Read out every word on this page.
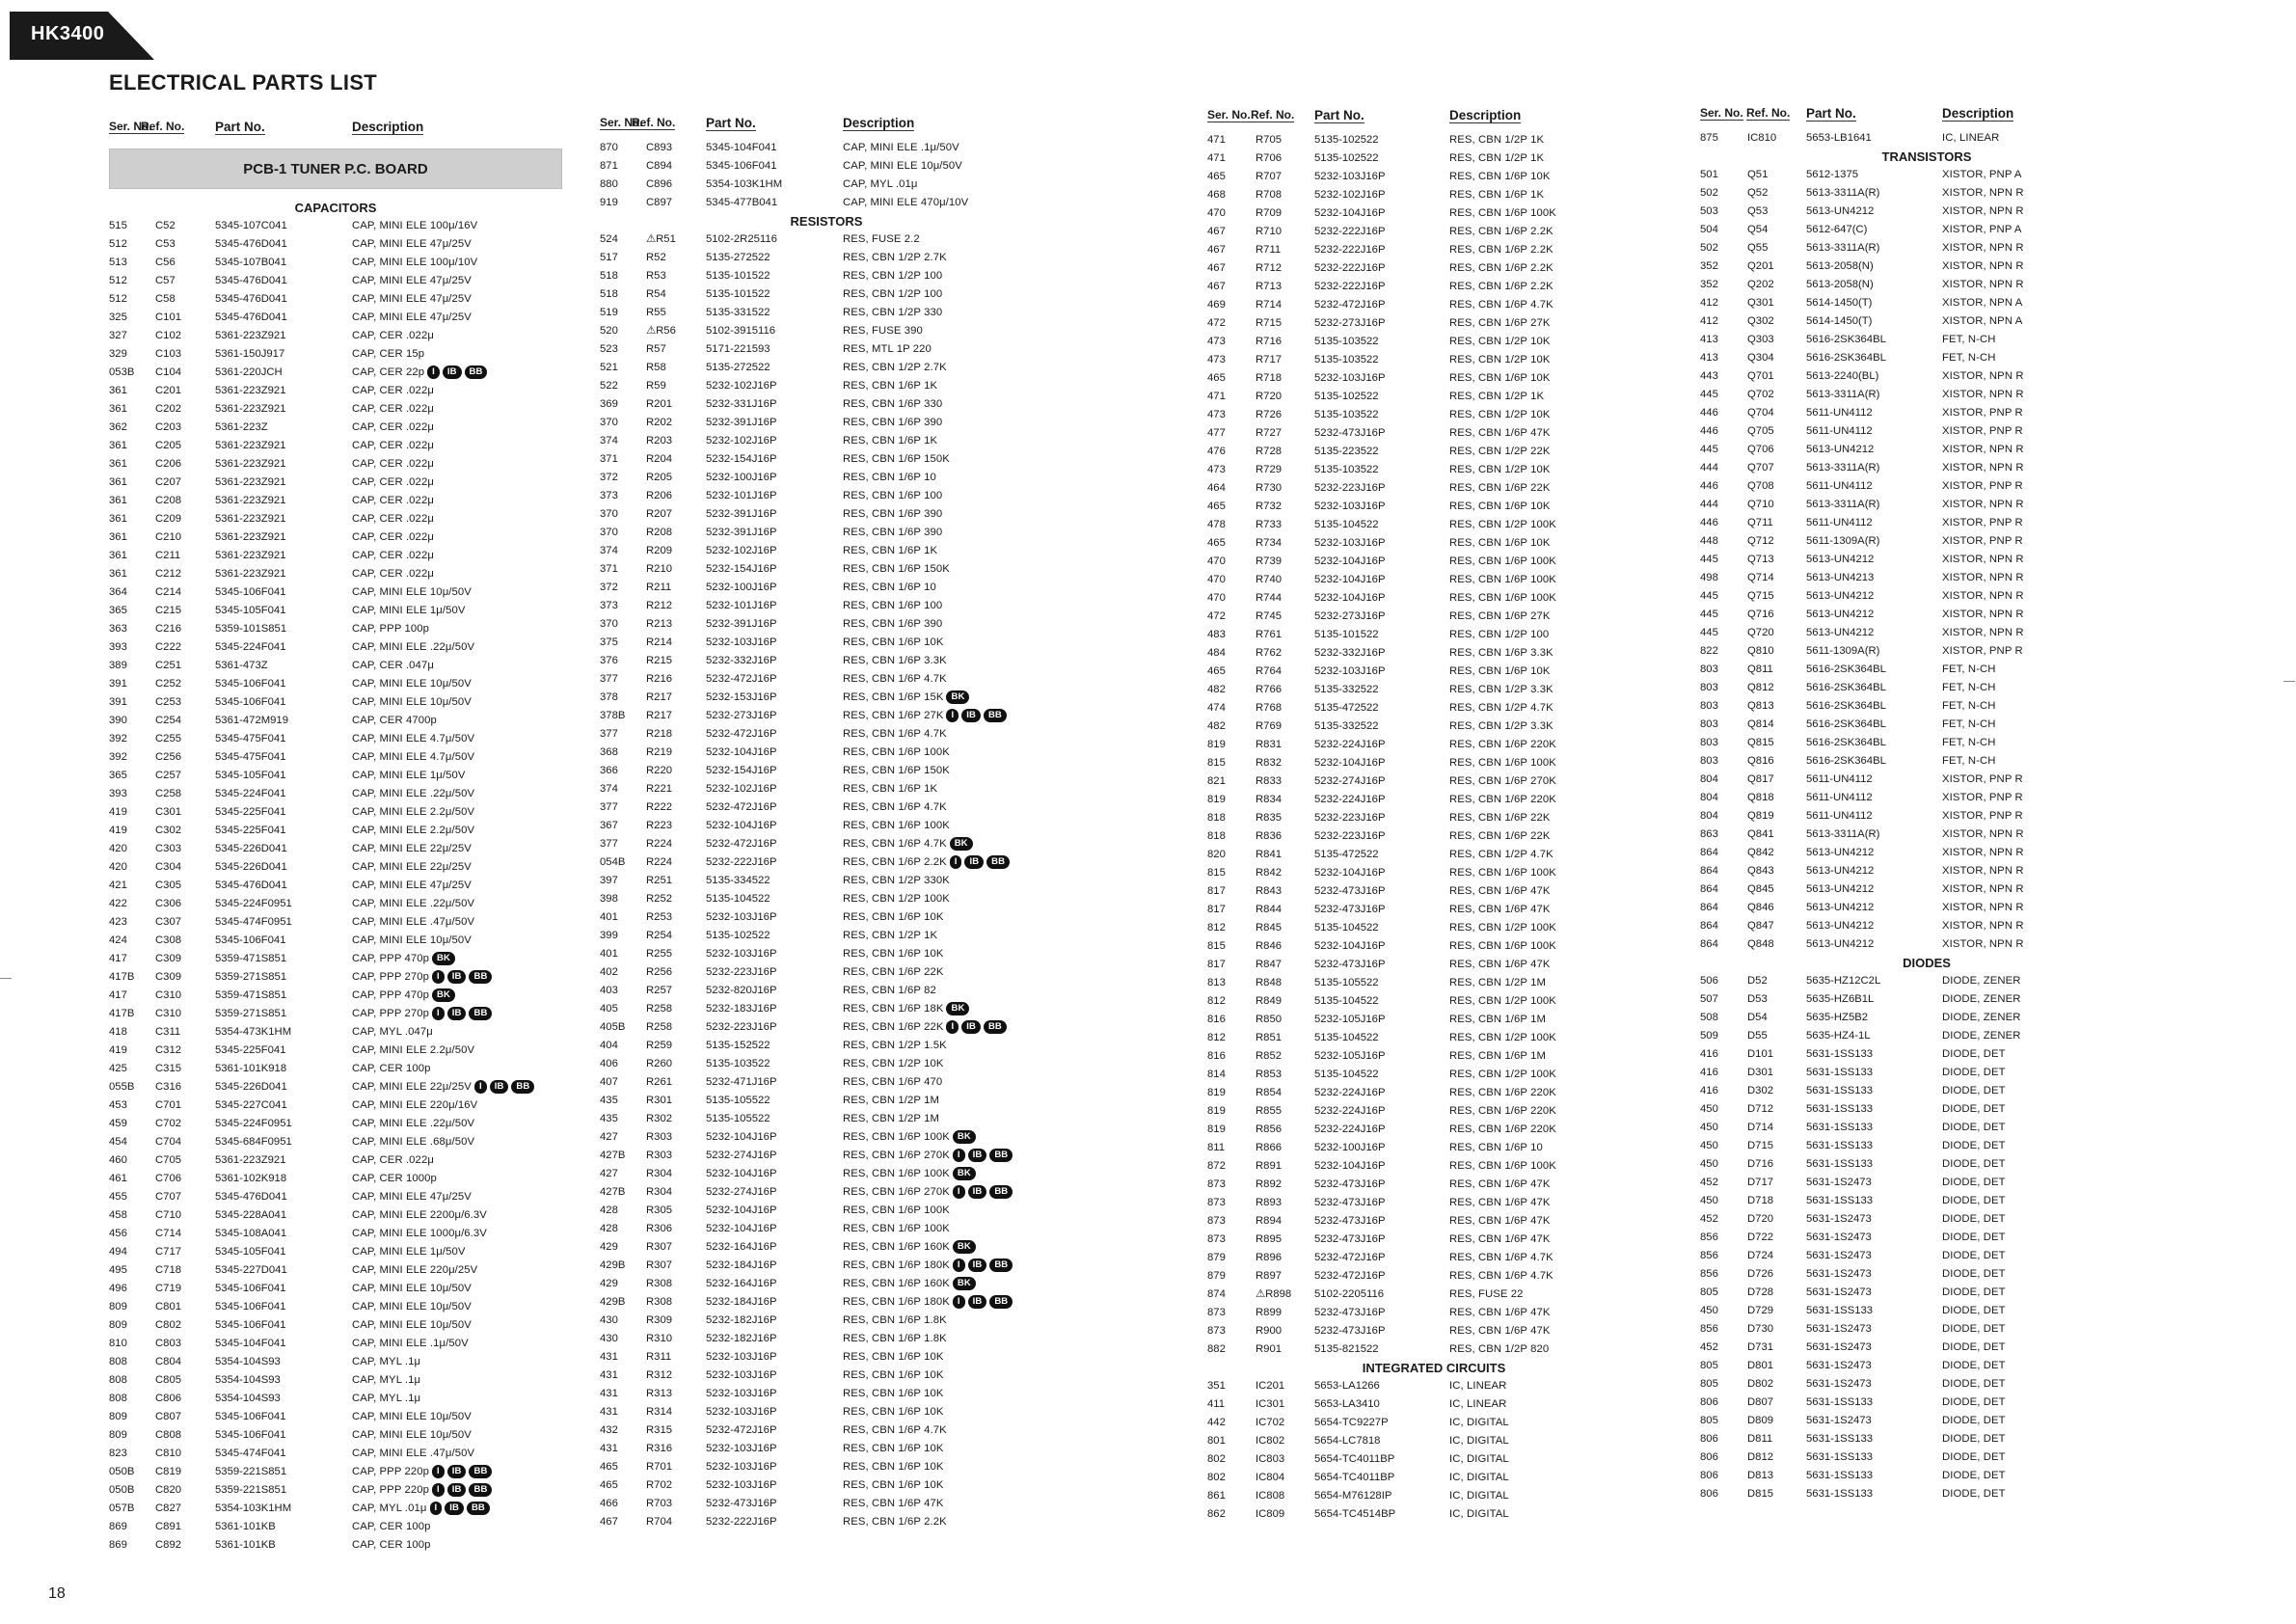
HK3400
ELECTRICAL PARTS LIST
18
Ser. No.
Ref. No. Part No.	Description
PCB-1 TUNER P.C. BOARD
CAPACITORS
515	C52	5345-107C041	CAP, MINI ELE 100μ/16V
512	C53	5345-476D041	CAP, MINI ELE 47μ/25V
513	C56	5345-107B041	CAP, MINI ELE 100μ/10V
512	C57	5345-476D041	CAP, MINI ELE 47μ/25V
512	C58	5345-476D041	CAP, MINI ELE 47μ/25V
325	C101	5345-476D041	CAP, MINI ELE 47μ/25V
327	C102	5361-223Z921	CAP, CER .022μ
329	C103	5361-150J917	CAP, CER 15p
053B C104	5361-220JCH	CAP, CER 22p I IB BB
361	C201	5361-223Z921	CAP, CER .022μ
361	C202	5361-223Z921	CAP, CER .022μ
362	C203	5361-223Z	CAP, CER .022μ
361	C205	5361-223Z921	CAP, CER .022μ
361	C206	5361-223Z921	CAP, CER .022μ
361	C207	5361-223Z921	CAP, CER .022μ
361	C208	5361-223Z921	CAP, CER .022μ
361	C209	5361-223Z921	CAP, CER .022μ
361	C210	5361-223Z921	CAP, CER .022μ
361	C211	5361-223Z921	CAP, CER .022μ
361	C212	5361-223Z921	CAP, CER .022μ
364	C214	5345-106F041	CAP, MINI ELE 10μ/50V
365	C215	5345-105F041	CAP, MINI ELE 1μ/50V
363	C216	5359-101S851	CAP, PPP 100p
393	C222	5345-224F041	CAP, MINI ELE .22μ/50V
389	C251	5361-473Z	CAP, CER .047μ
391	C252	5345-106F041	CAP, MINI ELE 10μ/50V
391	C253	5345-106F041	CAP, MINI ELE 10μ/50V
390	C254	5361-472M919	CAP, CER 4700p
392	C255	5345-475F041	CAP, MINI ELE 4.7μ/50V
392	C256	5345-475F041	CAP, MINI ELE 4.7μ/50V
365	C257	5345-105F041	CAP, MINI ELE 1μ/50V
393	C258	5345-224F041	CAP, MINI ELE .22μ/50V
419	C301	5345-225F041	CAP, MINI ELE 2.2μ/50V
419	C302	5345-225F041	CAP, MINI ELE 2.2μ/50V
420	C303	5345-226D041	CAP, MINI ELE 22μ/25V
420	C304	5345-226D041	CAP, MINI ELE 22μ/25V
421	C305	5345-476D041	CAP, MINI ELE 47μ/25V
422	C306	5345-224F0951	CAP, MINI ELE .22μ/50V
423	C307	5345-474F0951	CAP, MINI ELE .47μ/50V
424	C308	5345-106F041	CAP, MINI ELE 10μ/50V
417	C309	5359-471S851	CAP, PPP 470p BK
417B C309	5359-271S851	CAP, PPP 270p I IB BB
417	C310	5359-471S851	CAP, PPP 470p BK
417B C310	5359-271S851	CAP, PPP 270p I IB BB
418	C311	5354-473K1HM	CAP, MYL .047μ
419	C312	5345-225F041	CAP, MINI ELE 2.2μ/50V
425	C315	5361-101K918	CAP, CER 100p
055B C316	5345-226D041	CAP, MINI ELE 22μ/25V I IB BB
453	C701	5345-227C041	CAP, MINI ELE 220μ/16V
459	C702	5345-224F0951	CAP, MINI ELE .22μ/50V
454	C704	5345-684F0951	CAP, MINI ELE .68μ/50V
460	C705	5361-223Z921	CAP, CER .022μ
461	C706	5361-102K918	CAP, CER 1000p
455	C707	5345-476D041	CAP, MINI ELE 47μ/25V
458	C710	5345-228A041	CAP, MINI ELE 2200μ/6.3V
456	C714	5345-108A041	CAP, MINI ELE 1000μ/6.3V
494	C717	5345-105F041	CAP, MINI ELE 1μ/50V
495	C718	5345-227D041	CAP, MINI ELE 220μ/25V
496	C719	5345-106F041	CAP, MINI ELE 10μ/50V
809	C801	5345-106F041	CAP, MINI ELE 10μ/50V
809	C802	5345-106F041	CAP, MINI ELE 10μ/50V
810	C803	5345-104F041	CAP, MINI ELE .1μ/50V
808	C804	5354-104S93	CAP, MYL .1μ
808	C805	5354-104S93	CAP, MYL .1μ
808	C806	5354-104S93	CAP, MYL .1μ
809	C807	5345-106F041	CAP, MINI ELE 10μ/50V
809	C808	5345-106F041	CAP, MINI ELE 10μ/50V
823	C810	5345-474F041	CAP, MINI ELE .47μ/50V
050B C819	5359-221S851	CAP, PPP 220p I IB BB
050B C820	5359-221S851	CAP, PPP 220p I IB BB
057B C827	5354-103K1HM	CAP, MYL .01μ I IB BB
869	C891	5361-101KB	CAP, CER 100p
869	C892	5361-101KB	CAP, CER 100p
Ser. No.
Ref. No. Part No.	Description
870	C893	5345-104F041	CAP, MINI ELE .1μ/50V
871	C894	5345-106F041	CAP, MINI ELE 10μ/50V
880	C896	5354-103K1HM	CAP, MYL .01μ
919	C897	5345-477B041	CAP, MINI ELE 470μ/10V
RESISTORS
524	⚠R51	5102-2R25116	RES, FUSE 2.2
517	R52	5135-272522	RES, CBN 1/2P 2.7K
518	R53	5135-101522	RES, CBN 1/2P 100
518	R54	5135-101522	RES, CBN 1/2P 100
519	R55	5135-331522	RES, CBN 1/2P 330
520	⚠R56	5102-3915116	RES, FUSE 390
523	R57	5171-221593	RES, MTL 1P 220
521	R58	5135-272522	RES, CBN 1/2P 2.7K
522	R59	5232-102J16P	RES, CBN 1/6P 1K
369	R201	5232-331J16P	RES, CBN 1/6P 330
370	R202	5232-391J16P	RES, CBN 1/6P 390
374	R203	5232-102J16P	RES, CBN 1/6P 1K
371	R204	5232-154J16P	RES, CBN 1/6P 150K
372	R205	5232-100J16P	RES, CBN 1/6P 10
373	R206	5232-101J16P	RES, CBN 1/6P 100
370	R207	5232-391J16P	RES, CBN 1/6P 390
370	R208	5232-391J16P	RES, CBN 1/6P 390
374	R209	5232-102J16P	RES, CBN 1/6P 1K
371	R210	5232-154J16P	RES, CBN 1/6P 150K
372	R211	5232-100J16P	RES, CBN 1/6P 10
373	R212	5232-101J16P	RES, CBN 1/6P 100
370	R213	5232-391J16P	RES, CBN 1/6P 390
375	R214	5232-103J16P	RES, CBN 1/6P 10K
376	R215	5232-332J16P	RES, CBN 1/6P 3.3K
377	R216	5232-472J16P	RES, CBN 1/6P 4.7K
378	R217	5232-153J16P	RES, CBN 1/6P 15K BK
378B R217	5232-273J16P	RES, CBN 1/6P 27K I IB BB
377	R218	5232-472J16P	RES, CBN 1/6P 4.7K
368	R219	5232-104J16P	RES, CBN 1/6P 100K
366	R220	5232-154J16P	RES, CBN 1/6P 150K
374	R221	5232-102J16P	RES, CBN 1/6P 1K
377	R222	5232-472J16P	RES, CBN 1/6P 4.7K
367	R223	5232-104J16P	RES, CBN 1/6P 100K
377	R224	5232-472J16P	RES, CBN 1/6P 4.7K BK
054B R224	5232-222J16P	RES, CBN 1/6P 2.2K I IB BB
397	R251	5135-334522	RES, CBN 1/2P 330K
398	R252	5135-104522	RES, CBN 1/2P 100K
401	R253	5232-103J16P	RES, CBN 1/6P 10K
399	R254	5135-102522	RES, CBN 1/2P 1K
401	R255	5232-103J16P	RES, CBN 1/6P 10K
402	R256	5232-223J16P	RES, CBN 1/6P 22K
403	R257	5232-820J16P	RES, CBN 1/6P 82
405	R258	5232-183J16P	RES, CBN 1/6P 18K BK
405B R258	5232-223J16P	RES, CBN 1/6P 22K I IB BB
404	R259	5135-152522	RES, CBN 1/2P 1.5K
406	R260	5135-103522	RES, CBN 1/2P 10K
407	R261	5232-471J16P	RES, CBN 1/6P 470
435	R301	5135-105522	RES, CBN 1/2P 1M
435	R302	5135-105522	RES, CBN 1/2P 1M
427	R303	5232-104J16P	RES, CBN 1/6P 100K BK
427B R303	5232-274J16P	RES, CBN 1/6P 270K I IB BB
427	R304	5232-104J16P	RES, CBN 1/6P 100K BK
427B R304	5232-274J16P	RES, CBN 1/6P 270K I IB BB
428	R305	5232-104J16P	RES, CBN 1/6P 100K
428	R306	5232-104J16P	RES, CBN 1/6P 100K
429	R307	5232-164J16P	RES, CBN 1/6P 160K BK
429B R307	5232-184J16P	RES, CBN 1/6P 180K I IB BB
429	R308	5232-164J16P	RES, CBN 1/6P 160K BK
429B R308	5232-184J16P	RES, CBN 1/6P 180K I IB BB
430	R309	5232-182J16P	RES, CBN 1/6P 1.8K
430	R310	5232-182J16P	RES, CBN 1/6P 1.8K
431	R311	5232-103J16P	RES, CBN 1/6P 10K
431	R312	5232-103J16P	RES, CBN 1/6P 10K
431	R313	5232-103J16P	RES, CBN 1/6P 10K
431	R314	5232-103J16P	RES, CBN 1/6P 10K
432	R315	5232-472J16P	RES, CBN 1/6P 4.7K
431	R316	5232-103J16P	RES, CBN 1/6P 10K
465	R701	5232-103J16P	RES, CBN 1/6P 10K
465	R702	5232-103J16P	RES, CBN 1/6P 10K
466	R703	5232-473J16P	RES, CBN 1/6P 47K
467	R704	5232-222J16P	RES, CBN 1/6P 2.2K
Ser. No. Ref. No. Part No.	Description
471	R705	5135-102522	RES, CBN 1/2P 1K
471	R706	5135-102522	RES, CBN 1/2P 1K
465	R707	5232-103J16P	RES, CBN 1/6P 10K
468	R708	5232-102J16P	RES, CBN 1/6P 1K
470	R709	5232-104J16P	RES, CBN 1/6P 100K
467	R710	5232-222J16P	RES, CBN 1/6P 2.2K
467	R711	5232-222J16P	RES, CBN 1/6P 2.2K
467	R712	5232-222J16P	RES, CBN 1/6P 2.2K
467	R713	5232-222J16P	RES, CBN 1/6P 2.2K
469	R714	5232-472J16P	RES, CBN 1/6P 4.7K
472	R715	5232-273J16P	RES, CBN 1/6P 27K
473	R716	5135-103522	RES, CBN 1/2P 10K
473	R717	5135-103522	RES, CBN 1/2P 10K
465	R718	5232-103J16P	RES, CBN 1/6P 10K
471	R720	5135-102522	RES, CBN 1/2P 1K
473	R726	5135-103522	RES, CBN 1/2P 10K
477	R727	5232-473J16P	RES, CBN 1/6P 47K
476	R728	5135-223522	RES, CBN 1/2P 22K
473	R729	5135-103522	RES, CBN 1/2P 10K
464	R730	5232-223J16P	RES, CBN 1/6P 22K
465	R732	5232-103J16P	RES, CBN 1/6P 10K
478	R733	5135-104522	RES, CBN 1/2P 100K
465	R734	5232-103J16P	RES, CBN 1/6P 10K
470	R739	5232-104J16P	RES, CBN 1/6P 100K
470	R740	5232-104J16P	RES, CBN 1/6P 100K
470	R744	5232-104J16P	RES, CBN 1/6P 100K
472	R745	5232-273J16P	RES, CBN 1/6P 27K
483	R761	5135-101522	RES, CBN 1/2P 100
484	R762	5232-332J16P	RES, CBN 1/6P 3.3K
465	R764	5232-103J16P	RES, CBN 1/6P 10K
482	R766	5135-332522	RES, CBN 1/2P 3.3K
474	R768	5135-472522	RES, CBN 1/2P 4.7K
482	R769	5135-332522	RES, CBN 1/2P 3.3K
819	R831	5232-224J16P	RES, CBN 1/6P 220K
815	R832	5232-104J16P	RES, CBN 1/6P 100K
821	R833	5232-274J16P	RES, CBN 1/6P 270K
819	R834	5232-224J16P	RES, CBN 1/6P 220K
818	R835	5232-223J16P	RES, CBN 1/6P 22K
818	R836	5232-223J16P	RES, CBN 1/6P 22K
820	R841	5135-472522	RES, CBN 1/2P 4.7K
815	R842	5232-104J16P	RES, CBN 1/6P 100K
817	R843	5232-473J16P	RES, CBN 1/6P 47K
817	R844	5232-473J16P	RES, CBN 1/6P 47K
812	R845	5135-104522	RES, CBN 1/2P 100K
815	R846	5232-104J16P	RES, CBN 1/6P 100K
817	R847	5232-473J16P	RES, CBN 1/6P 47K
813	R848	5135-105522	RES, CBN 1/2P 1M
812	R849	5135-104522	RES, CBN 1/2P 100K
816	R850	5232-105J16P	RES, CBN 1/6P 1M
812	R851	5135-104522	RES, CBN 1/2P 100K
816	R852	5232-105J16P	RES, CBN 1/6P 1M
814	R853	5135-104522	RES, CBN 1/2P 100K
819	R854	5232-224J16P	RES, CBN 1/6P 220K
819	R855	5232-224J16P	RES, CBN 1/6P 220K
819	R856	5232-224J16P	RES, CBN 1/6P 220K
811	R866	5232-100J16P	RES, CBN 1/6P 10
872	R891	5232-104J16P	RES, CBN 1/6P 100K
873	R892	5232-473J16P	RES, CBN 1/6P 47K
873	R893	5232-473J16P	RES, CBN 1/6P 47K
873	R894	5232-473J16P	RES, CBN 1/6P 47K
873	R895	5232-473J16P	RES, CBN 1/6P 47K
879	R896	5232-472J16P	RES, CBN 1/6P 4.7K
879	R897	5232-472J16P	RES, CBN 1/6P 4.7K
874	⚠R898 5102-2205116	RES, FUSE 22
873	R899	5232-473J16P	RES, CBN 1/6P 47K
873	R900	5232-473J16P	RES, CBN 1/6P 47K
882	R901	5135-821522	RES, CBN 1/2P 820
INTEGRATED CIRCUITS
351	IC201	5653-LA1266	IC, LINEAR
411	IC301	5653-LA3410	IC, LINEAR
442	IC702	5654-TC9227P	IC, DIGITAL
801	IC802	5654-LC7818	IC, DIGITAL
802	IC803	5654-TC4011BP	IC, DIGITAL
802	IC804	5654-TC4011BP	IC, DIGITAL
861	IC808	5654-M76128IP	IC, DIGITAL
862	IC809	5654-TC4514BP	IC, DIGITAL
Ser. No. Ref. No. Part No.	Description
875	IC810	5653-LB1641	IC, LINEAR
TRANSISTORS
501	Q51	5612-1375	XISTOR, PNP A
502	Q52	5613-3311A(R)	XISTOR, NPN R
503	Q53	5613-UN4212	XISTOR, NPN R
504	Q54	5612-647(C)	XISTOR, PNP A
502	Q55	5613-3311A(R)	XISTOR, NPN R
352	Q201	5613-2058(N)	XISTOR, NPN R
352	Q202	5613-2058(N)	XISTOR, NPN R
412	Q301	5614-1450(T)	XISTOR, NPN A
412	Q302	5614-1450(T)	XISTOR, NPN A
413	Q303	5616-2SK364BL	FET, N-CH
413	Q304	5616-2SK364BL	FET, N-CH
443	Q701	5613-2240(BL)	XISTOR, NPN R
445	Q702	5613-3311A(R)	XISTOR, NPN R
446	Q704	5611-UN4112	XISTOR, PNP R
446	Q705	5611-UN4112	XISTOR, PNP R
445	Q706	5613-UN4212	XISTOR, NPN R
444	Q707	5613-3311A(R)	XISTOR, NPN R
446	Q708	5611-UN4112	XISTOR, PNP R
444	Q710	5613-3311A(R)	XISTOR, NPN R
446	Q711	5611-UN4112	XISTOR, PNP R
448	Q712	5611-1309A(R)	XISTOR, PNP R
445	Q713	5613-UN4212	XISTOR, NPN R
498	Q714	5613-UN4213	XISTOR, NPN R
445	Q715	5613-UN4212	XISTOR, NPN R
445	Q716	5613-UN4212	XISTOR, NPN R
445	Q720	5613-UN4212	XISTOR, NPN R
822	Q810	5611-1309A(R)	XISTOR, PNP R
803	Q811	5616-2SK364BL	FET, N-CH
803	Q812	5616-2SK364BL	FET, N-CH
803	Q813	5616-2SK364BL	FET, N-CH
803	Q814	5616-2SK364BL	FET, N-CH
803	Q815	5616-2SK364BL	FET, N-CH
803	Q816	5616-2SK364BL	FET, N-CH
804	Q817	5611-UN4112	XISTOR, PNP R
804	Q818	5611-UN4112	XISTOR, PNP R
804	Q819	5611-UN4112	XISTOR, PNP R
863	Q841	5613-3311A(R)	XISTOR, NPN R
864	Q842	5613-UN4212	XISTOR, NPN R
864	Q843	5613-UN4212	XISTOR, NPN R
864	Q845	5613-UN4212	XISTOR, NPN R
864	Q846	5613-UN4212	XISTOR, NPN R
864	Q847	5613-UN4212	XISTOR, NPN R
864	Q848	5613-UN4212	XISTOR, NPN R
DIODES
506	D52	5635-HZ12C2L	DIODE, ZENER
507	D53	5635-HZ6B1L	DIODE, ZENER
508	D54	5635-HZ5B2	DIODE, ZENER
509	D55	5635-HZ4-1L	DIODE, ZENER
416	D101	5631-1SS133	DIODE, DET
416	D301	5631-1SS133	DIODE, DET
416	D302	5631-1SS133	DIODE, DET
450	D712	5631-1SS133	DIODE, DET
450	D714	5631-1SS133	DIODE, DET
450	D715	5631-1SS133	DIODE, DET
450	D716	5631-1SS133	DIODE, DET
452	D717	5631-1S2473	DIODE, DET
450	D718	5631-1SS133	DIODE, DET
452	D720	5631-1S2473	DIODE, DET
856	D722	5631-1S2473	DIODE, DET
856	D724	5631-1S2473	DIODE, DET
856	D726	5631-1S2473	DIODE, DET
805	D728	5631-1S2473	DIODE, DET
450	D729	5631-1SS133	DIODE, DET
856	D730	5631-1S2473	DIODE, DET
452	D731	5631-1S2473	DIODE, DET
805	D801	5631-1S2473	DIODE, DET
805	D802	5631-1S2473	DIODE, DET
806	D807	5631-1SS133	DIODE, DET
805	D809	5631-1S2473	DIODE, DET
806	D811	5631-1SS133	DIODE, DET
806	D812	5631-1SS133	DIODE, DET
806	D813	5631-1SS133	DIODE, DET
806	D815	5631-1SS133	DIODE, DET
